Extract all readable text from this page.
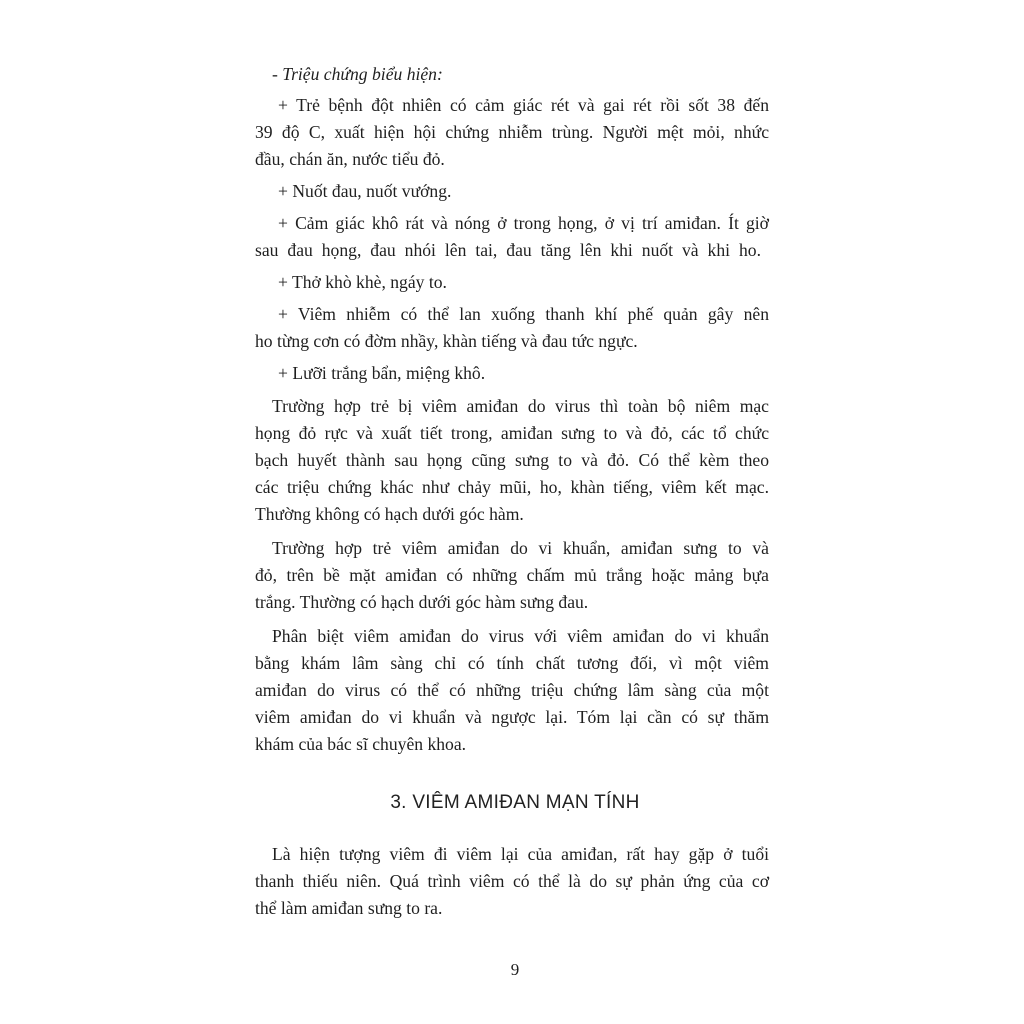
- Triệu chứng biểu hiện:
+ Trẻ bệnh đột nhiên có cảm giác rét và gai rét rồi sốt 38 đến
39 độ C, xuất hiện hội chứng nhiễm trùng. Người mệt mỏi, nhức
đầu, chán ăn, nước tiểu đỏ.
+ Nuốt đau, nuốt vướng.
+ Cảm giác khô rát và nóng ở trong họng, ở vị trí amiđan. Ít giờ
sau đau họng, đau nhói lên tai, đau tăng lên khi nuốt và khi ho.
+ Thở khò khè, ngáy to.
+ Viêm nhiễm có thể lan xuống thanh khí phế quản gây nên
ho từng cơn có đờm nhầy, khàn tiếng và đau tức ngực.
+ Lưỡi trắng bẩn, miệng khô.
Trường hợp trẻ bị viêm amiđan do virus thì toàn bộ niêm mạc
họng đỏ rực và xuất tiết trong, amiđan sưng to và đỏ, các tổ chức
bạch huyết thành sau họng cũng sưng to và đỏ. Có thể kèm theo
các triệu chứng khác như chảy mũi, ho, khàn tiếng, viêm kết mạc.
Thường không có hạch dưới góc hàm.
Trường hợp trẻ viêm amiđan do vi khuẩn, amiđan sưng to và
đỏ, trên bề mặt amiđan có những chấm mủ trắng hoặc mảng bựa
trắng. Thường có hạch dưới góc hàm sưng đau.
Phân biệt viêm amiđan do virus với viêm amiđan do vi khuẩn
bằng khám lâm sàng chỉ có tính chất tương đối, vì một viêm
amiđan do virus có thể có những triệu chứng lâm sàng của một
viêm amiđan do vi khuẩn và ngược lại. Tóm lại cần có sự thăm
khám của bác sĩ chuyên khoa.
3. VIÊM AMIĐAN MẠN TÍNH
Là hiện tượng viêm đi viêm lại của amiđan, rất hay gặp ở tuổi
thanh thiếu niên. Quá trình viêm có thể là do sự phản ứng của cơ
thể làm amiđan sưng to ra.
9
